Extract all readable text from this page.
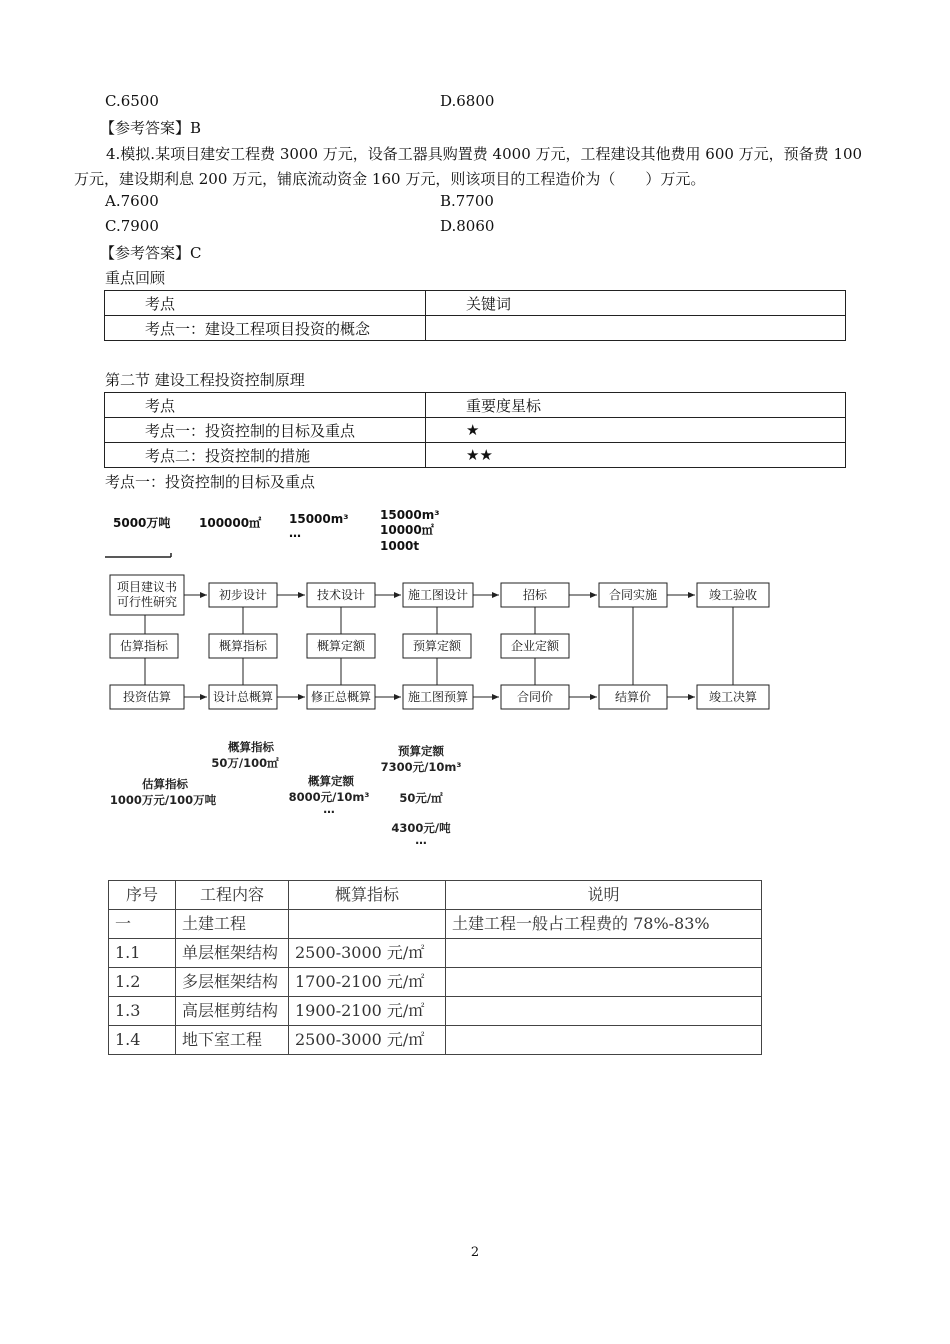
C.6500	D.6800
【参考答案】B
4.模拟.某项目建安工程费 3000 万元，设备工器具购置费 4000 万元，工程建设其他费用 600 万元，预备费 100 万元，建设期利息 200 万元，铺底流动资金 160 万元，则该项目的工程造价为（　　）万元。
A.7600	B.7700
C.7900	D.8060
【参考答案】C
重点回顾
考点	关键词
考点一：建设工程项目投资的概念	
第二节 建设工程投资控制原理
考点	重要度星标
考点一：投资控制的目标及重点	★
考点二：投资控制的措施	★★
考点一：投资控制的目标及重点
5000万吨 100000㎡ 15000m³
…
15000m³
10000㎡
1000t
项目建议书
可行性研究	初步设计	技术设计	施工图设计	招标	合同实施	竣工验收
估算指标	概算指标	概算定额	预算定额	企业定额
投资估算	设计总概算	修正总概算	施工图预算	合同价	结算价	竣工决算
概算指标
50万/100㎡
估算指标
1000万元/100万吨
概算定额
8000元/10m³
…
预算定额
7300元/10m³
50元/㎡
4300元/吨
…
序号	工程内容	概算指标	说明
一	土建工程		土建工程一般占工程费的 78%-83%
1.1	单层框架结构	2500-3000 元/㎡	
1.2	多层框架结构	1700-2100 元/㎡	
1.3	高层框剪结构	1900-2100 元/㎡	
1.4	地下室工程	2500-3000 元/㎡	
2
